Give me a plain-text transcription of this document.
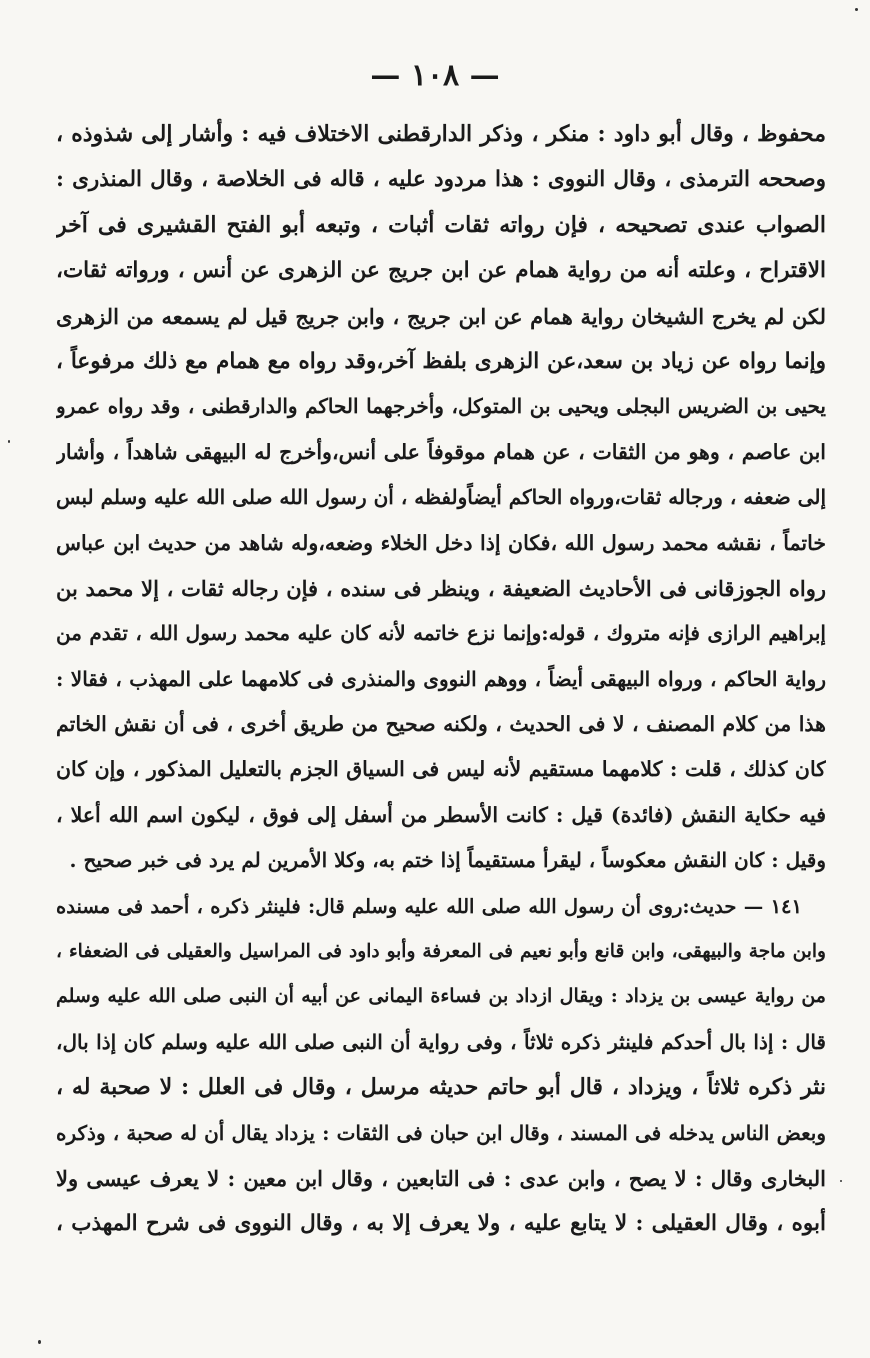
— ١٠٨ —
محفوظ ، وقال أبو داود : منكر ، وذكر الدارقطنى الاختلاف فيه : وأشار إلى شذوذه ،
وصححه الترمذى ، وقال النووى : هذا مردود عليه ، قاله فى الخلاصة ، وقال المنذرى :
الصواب عندى تصحيحه ، فإن رواته ثقات أثبات ، وتبعه أبو الفتح القشيرى فى آخر
الاقتراح ، وعلته أنه من رواية همام عن ابن جريج عن الزهرى عن أنس ، ورواته ثقات،
لكن لم يخرج الشيخان رواية همام عن ابن جريج ، وابن جريج قيل لم يسمعه من الزهرى
وإنما رواه عن زياد بن سعد،عن الزهرى بلفظ آخر،وقد رواه مع همام مع ذلك مرفوعاً ،
يحيى بن الضريس البجلى ويحيى بن المتوكل، وأخرجهما الحاكم والدارقطنى ، وقد رواه عمرو
ابن عاصم ، وهو من الثقات ، عن همام موقوفاً على أنس،وأخرج له البيهقى شاهداً ، وأشار
إلى ضعفه ، ورجاله ثقات،ورواه الحاكم أيضاًولفظه ، أن رسول الله صلى الله عليه وسلم لبس
خاتماً ، نقشه محمد رسول الله ،فكان إذا دخل الخلاء وضعه،وله شاهد من حديث ابن عباس
رواه الجوزقانى فى الأحاديث الضعيفة ، وينظر فى سنده ، فإن رجاله ثقات ، إلا محمد بن
إبراهيم الرازى فإنه متروك ، قوله:وإنما نزع خاتمه لأنه كان عليه محمد رسول الله ، تقدم من
رواية الحاكم ، ورواه البيهقى أيضاً ، ووهم النووى والمنذرى فى كلامهما على المهذب ، فقالا :
هذا من كلام المصنف ، لا فى الحديث ، ولكنه صحيح من طريق أخرى ، فى أن نقش الخاتم
كان كذلك ، قلت : كلامهما مستقيم لأنه ليس فى السياق الجزم بالتعليل المذكور ، وإن كان
فيه حكاية النقش (فائدة) قيل : كانت الأسطر من أسفل إلى فوق ، ليكون اسم الله أعلا ،
وقيل : كان النقش معكوساً ، ليقرأ مستقيماً إذا ختم به، وكلا الأمرين لم يرد فى خبر صحيح .
١٤١ — حديث:روى أن رسول الله صلى الله عليه وسلم قال: فلينثر ذكره ، أحمد فى مسنده
وابن ماجة والبيهقى، وابن قانع وأبو نعيم فى المعرفة وأبو داود فى المراسيل والعقيلى فى الضعفاء ،
من رواية عيسى بن يزداد : ويقال ازداد بن فساءة اليمانى عن أبيه أن النبى صلى الله عليه وسلم
قال : إذا بال أحدكم فلينثر ذكره ثلاثاً ، وفى رواية أن النبى صلى الله عليه وسلم كان إذا بال،
نثر ذكره ثلاثاً ، ويزداد ، قال أبو حاتم حديثه مرسل ، وقال فى العلل : لا صحبة له ،
وبعض الناس يدخله فى المسند ، وقال ابن حبان فى الثقات : يزداد يقال أن له صحبة ، وذكره
البخارى وقال : لا يصح ، وابن عدى : فى التابعين ، وقال ابن معين : لا يعرف عيسى ولا
أبوه ، وقال العقيلى : لا يتابع عليه ، ولا يعرف إلا به ، وقال النووى فى شرح المهذب ،
